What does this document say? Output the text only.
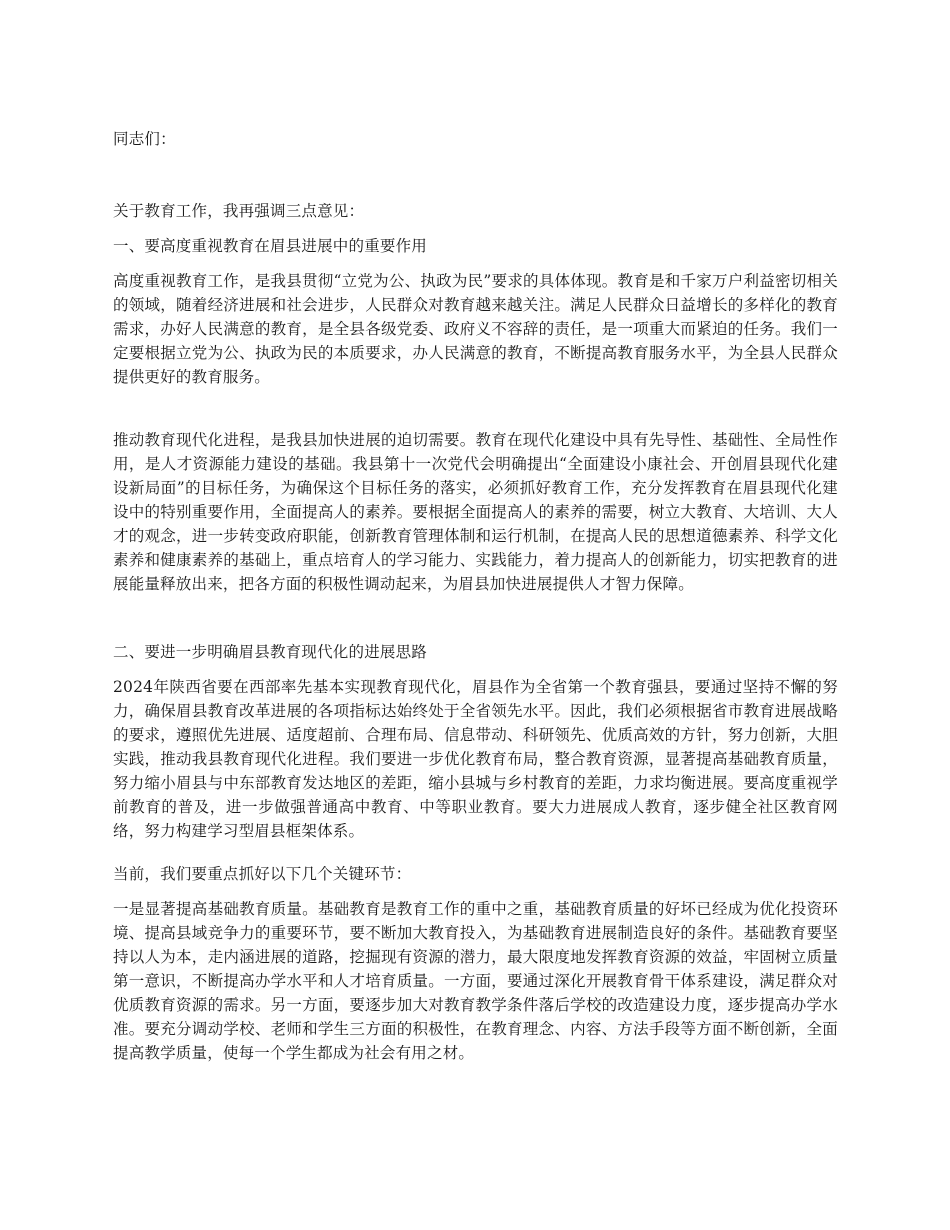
同志们：

关于教育工作，我再强调三点意见：

一、要高度重视教育在眉县进展中的重要作用

高度重视教育工作，是我县贯彻“立党为公、执政为民”要求的具体体现。教育是和千家万户利益密切相关的领域，随着经济进展和社会进步，人民群众对教育越来越关注。满足人民群众日益增长的多样化的教育需求，办好人民满意的教育，是全县各级党委、政府义不容辞的责任，是一项重大而紧迫的任务。我们一定要根据立党为公、执政为民的本质要求，办人民满意的教育，不断提高教育服务水平，为全县人民群众提供更好的教育服务。

推动教育现代化进程，是我县加快进展的迫切需要。教育在现代化建设中具有先导性、基础性、全局性作用，是人才资源能力建设的基础。我县第十一次党代会明确提出“全面建设小康社会、开创眉县现代化建设新局面”的目标任务，为确保这个目标任务的落实，必须抓好教育工作，充分发挥教育在眉县现代化建设中的特别重要作用，全面提高人的素养。要根据全面提高人的素养的需要，树立大教育、大培训、大人才的观念，进一步转变政府职能，创新教育管理体制和运行机制，在提高人民的思想道德素养、科学文化素养和健康素养的基础上，重点培育人的学习能力、实践能力，着力提高人的创新能力，切实把教育的进展能量释放出来，把各方面的积极性调动起来，为眉县加快进展提供人才智力保障。

二、要进一步明确眉县教育现代化的进展思路

2024年陕西省要在西部率先基本实现教育现代化，眉县作为全省第一个教育强县，要通过坚持不懈的努力，确保眉县教育改革进展的各项指标达始终处于全省领先水平。因此，我们必须根据省市教育进展战略的要求，遵照优先进展、适度超前、合理布局、信息带动、科研领先、优质高效的方针，努力创新，大胆实践，推动我县教育现代化进程。我们要进一步优化教育布局，整合教育资源，显著提高基础教育质量，努力缩小眉县与中东部教育发达地区的差距，缩小县城与乡村教育的差距，力求均衡进展。要高度重视学前教育的普及，进一步做强普通高中教育、中等职业教育。要大力进展成人教育，逐步健全社区教育网络，努力构建学习型眉县框架体系。

当前，我们要重点抓好以下几个关键环节：

一是显著提高基础教育质量。基础教育是教育工作的重中之重，基础教育质量的好坏已经成为优化投资环境、提高县域竞争力的重要环节，要不断加大教育投入，为基础教育进展制造良好的条件。基础教育要坚持以人为本，走内涵进展的道路，挖掘现有资源的潜力，最大限度地发挥教育资源的效益，牢固树立质量第一意识，不断提高办学水平和人才培育质量。一方面，要通过深化开展教育骨干体系建设，满足群众对优质教育资源的需求。另一方面，要逐步加大对教育教学条件落后学校的改造建设力度，逐步提高办学水准。要充分调动学校、老师和学生三方面的积极性，在教育理念、内容、方法手段等方面不断创新，全面提高教学质量，使每一个学生都成为社会有用之材。
